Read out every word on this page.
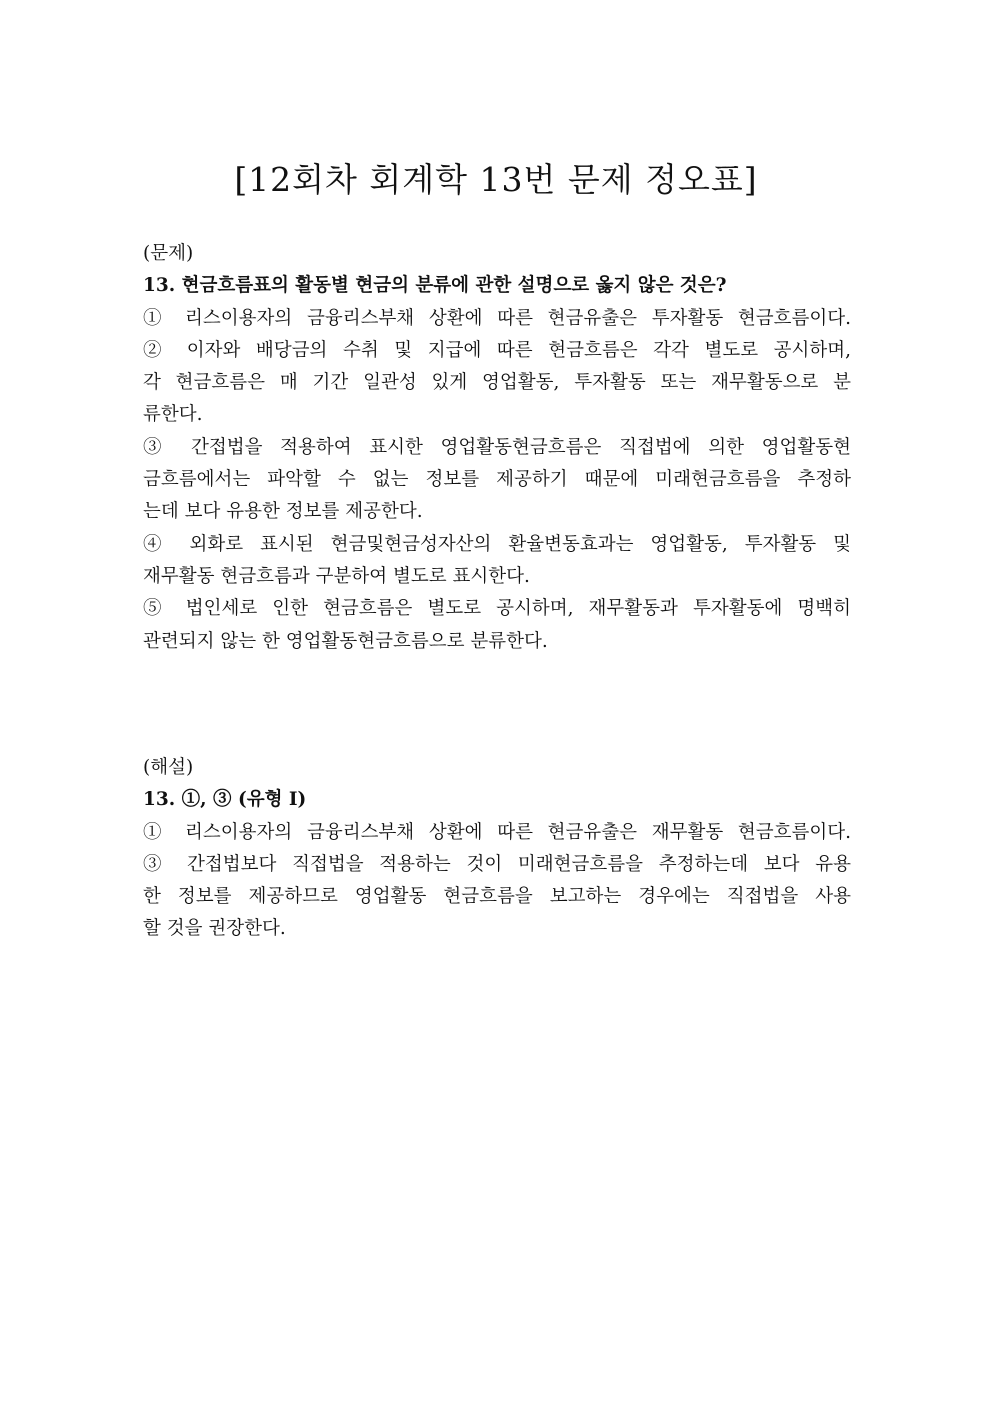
[12회차 회계학 13번 문제 정오표]
(문제)
13. 현금흐름표의 활동별 현금의 분류에 관한 설명으로 옳지 않은 것은?
① 리스이용자의 금융리스부채 상환에 따른 현금유출은 투자활동 현금흐름이다.
② 이자와 배당금의 수취 및 지급에 따른 현금흐름은 각각 별도로 공시하며,
각 현금흐름은 매 기간 일관성 있게 영업활동, 투자활동 또는 재무활동으로 분
류한다.
③ 간접법을 적용하여 표시한 영업활동현금흐름은 직접법에 의한 영업활동현
금흐름에서는 파악할 수 없는 정보를 제공하기 때문에 미래현금흐름을 추정하
는데 보다 유용한 정보를 제공한다.
④ 외화로 표시된 현금및현금성자산의 환율변동효과는 영업활동, 투자활동 및
재무활동 현금흐름과 구분하여 별도로 표시한다.
⑤ 법인세로 인한 현금흐름은 별도로 공시하며, 재무활동과 투자활동에 명백히
관련되지 않는 한 영업활동현금흐름으로 분류한다.
(해설)
13. ①, ③ (유형 Ⅰ)
① 리스이용자의 금융리스부채 상환에 따른 현금유출은 재무활동 현금흐름이다.
③ 간접법보다 직접법을 적용하는 것이 미래현금흐름을 추정하는데 보다 유용
한 정보를 제공하므로 영업활동 현금흐름을 보고하는 경우에는 직접법을 사용
할 것을 권장한다.
